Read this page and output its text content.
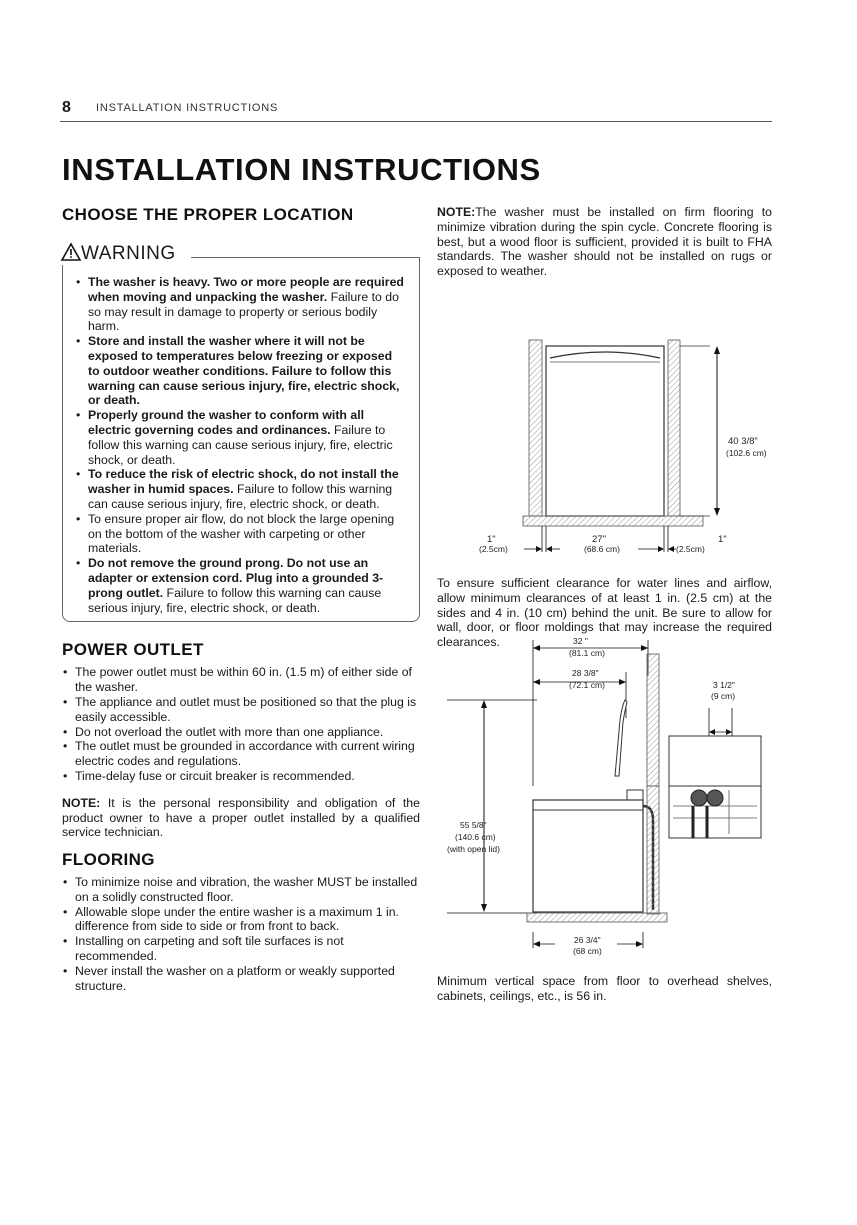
8 INSTALLATION INSTRUCTIONS
INSTALLATION INSTRUCTIONS
CHOOSE THE PROPER LOCATION
WARNING
• The washer is heavy. Two or more people are required when moving and unpacking the washer. Failure to do so may result in damage to property or serious bodily harm.
• Store and install the washer where it will not be exposed to temperatures below freezing or exposed to outdoor weather conditions. Failure to follow this warning can cause serious injury, fire, electric shock, or death.
• Properly ground the washer to conform with all electric governing codes and ordinances. Failure to follow this warning can cause serious injury, fire, electric shock, or death.
• To reduce the risk of electric shock, do not install the washer in humid spaces. Failure to follow this warning can cause serious injury, fire, electric shock, or death.
• To ensure proper air flow, do not block the large opening on the bottom of the washer with carpeting or other materials.
• Do not remove the ground prong. Do not use an adapter or extension cord. Plug into a grounded 3-prong outlet. Failure to follow this warning can cause serious injury, fire, electric shock, or death.
POWER OUTLET
• The power outlet must be within 60 in. (1.5 m) of either side of the washer.
• The appliance and outlet must be positioned so that the plug is easily accessible.
• Do not overload the outlet with more than one appliance.
• The outlet must be grounded in accordance with current wiring electric codes and regulations.
• Time-delay fuse or circuit breaker is recommended.

NOTE: It is the personal responsibility and obligation of the product owner to have a proper outlet installed by a qualified service technician.

FLOORING
• To minimize noise and vibration, the washer MUST be installed on a solidly constructed floor.
• Allowable slope under the entire washer is a maximum 1 in. difference from side to side or from front to back.
• Installing on carpeting and soft tile surfaces is not recommended.
• Never install the washer on a platform or weakly supported structure.

NOTE:The washer must be installed on firm flooring to minimize vibration during the spin cycle. Concrete flooring is best, but a wood floor is sufficient, provided it is built to FHA standards. The washer should not be installed on rugs or exposed to weather.

40 3/8"
(102.6 cm)
1"
(2.5cm)
27"
(68.6 cm)
1"
(2.5cm)

To ensure sufficient clearance for water lines and airflow, allow minimum clearances of at least 1 in. (2.5 cm) at the sides and 4 in. (10 cm) behind the unit. Be sure to allow for wall, door, or floor moldings that may increase the required clearances.	32 "
(81.1 cm)
28 3/8"
(72.1 cm)	3 1/2"
(9 cm)
55 5/8"
(140.6 cm)
(with open lid)
26 3/4"
(68 cm)

Minimum vertical space from floor to overhead shelves, cabinets, ceilings, etc., is 56 in.
